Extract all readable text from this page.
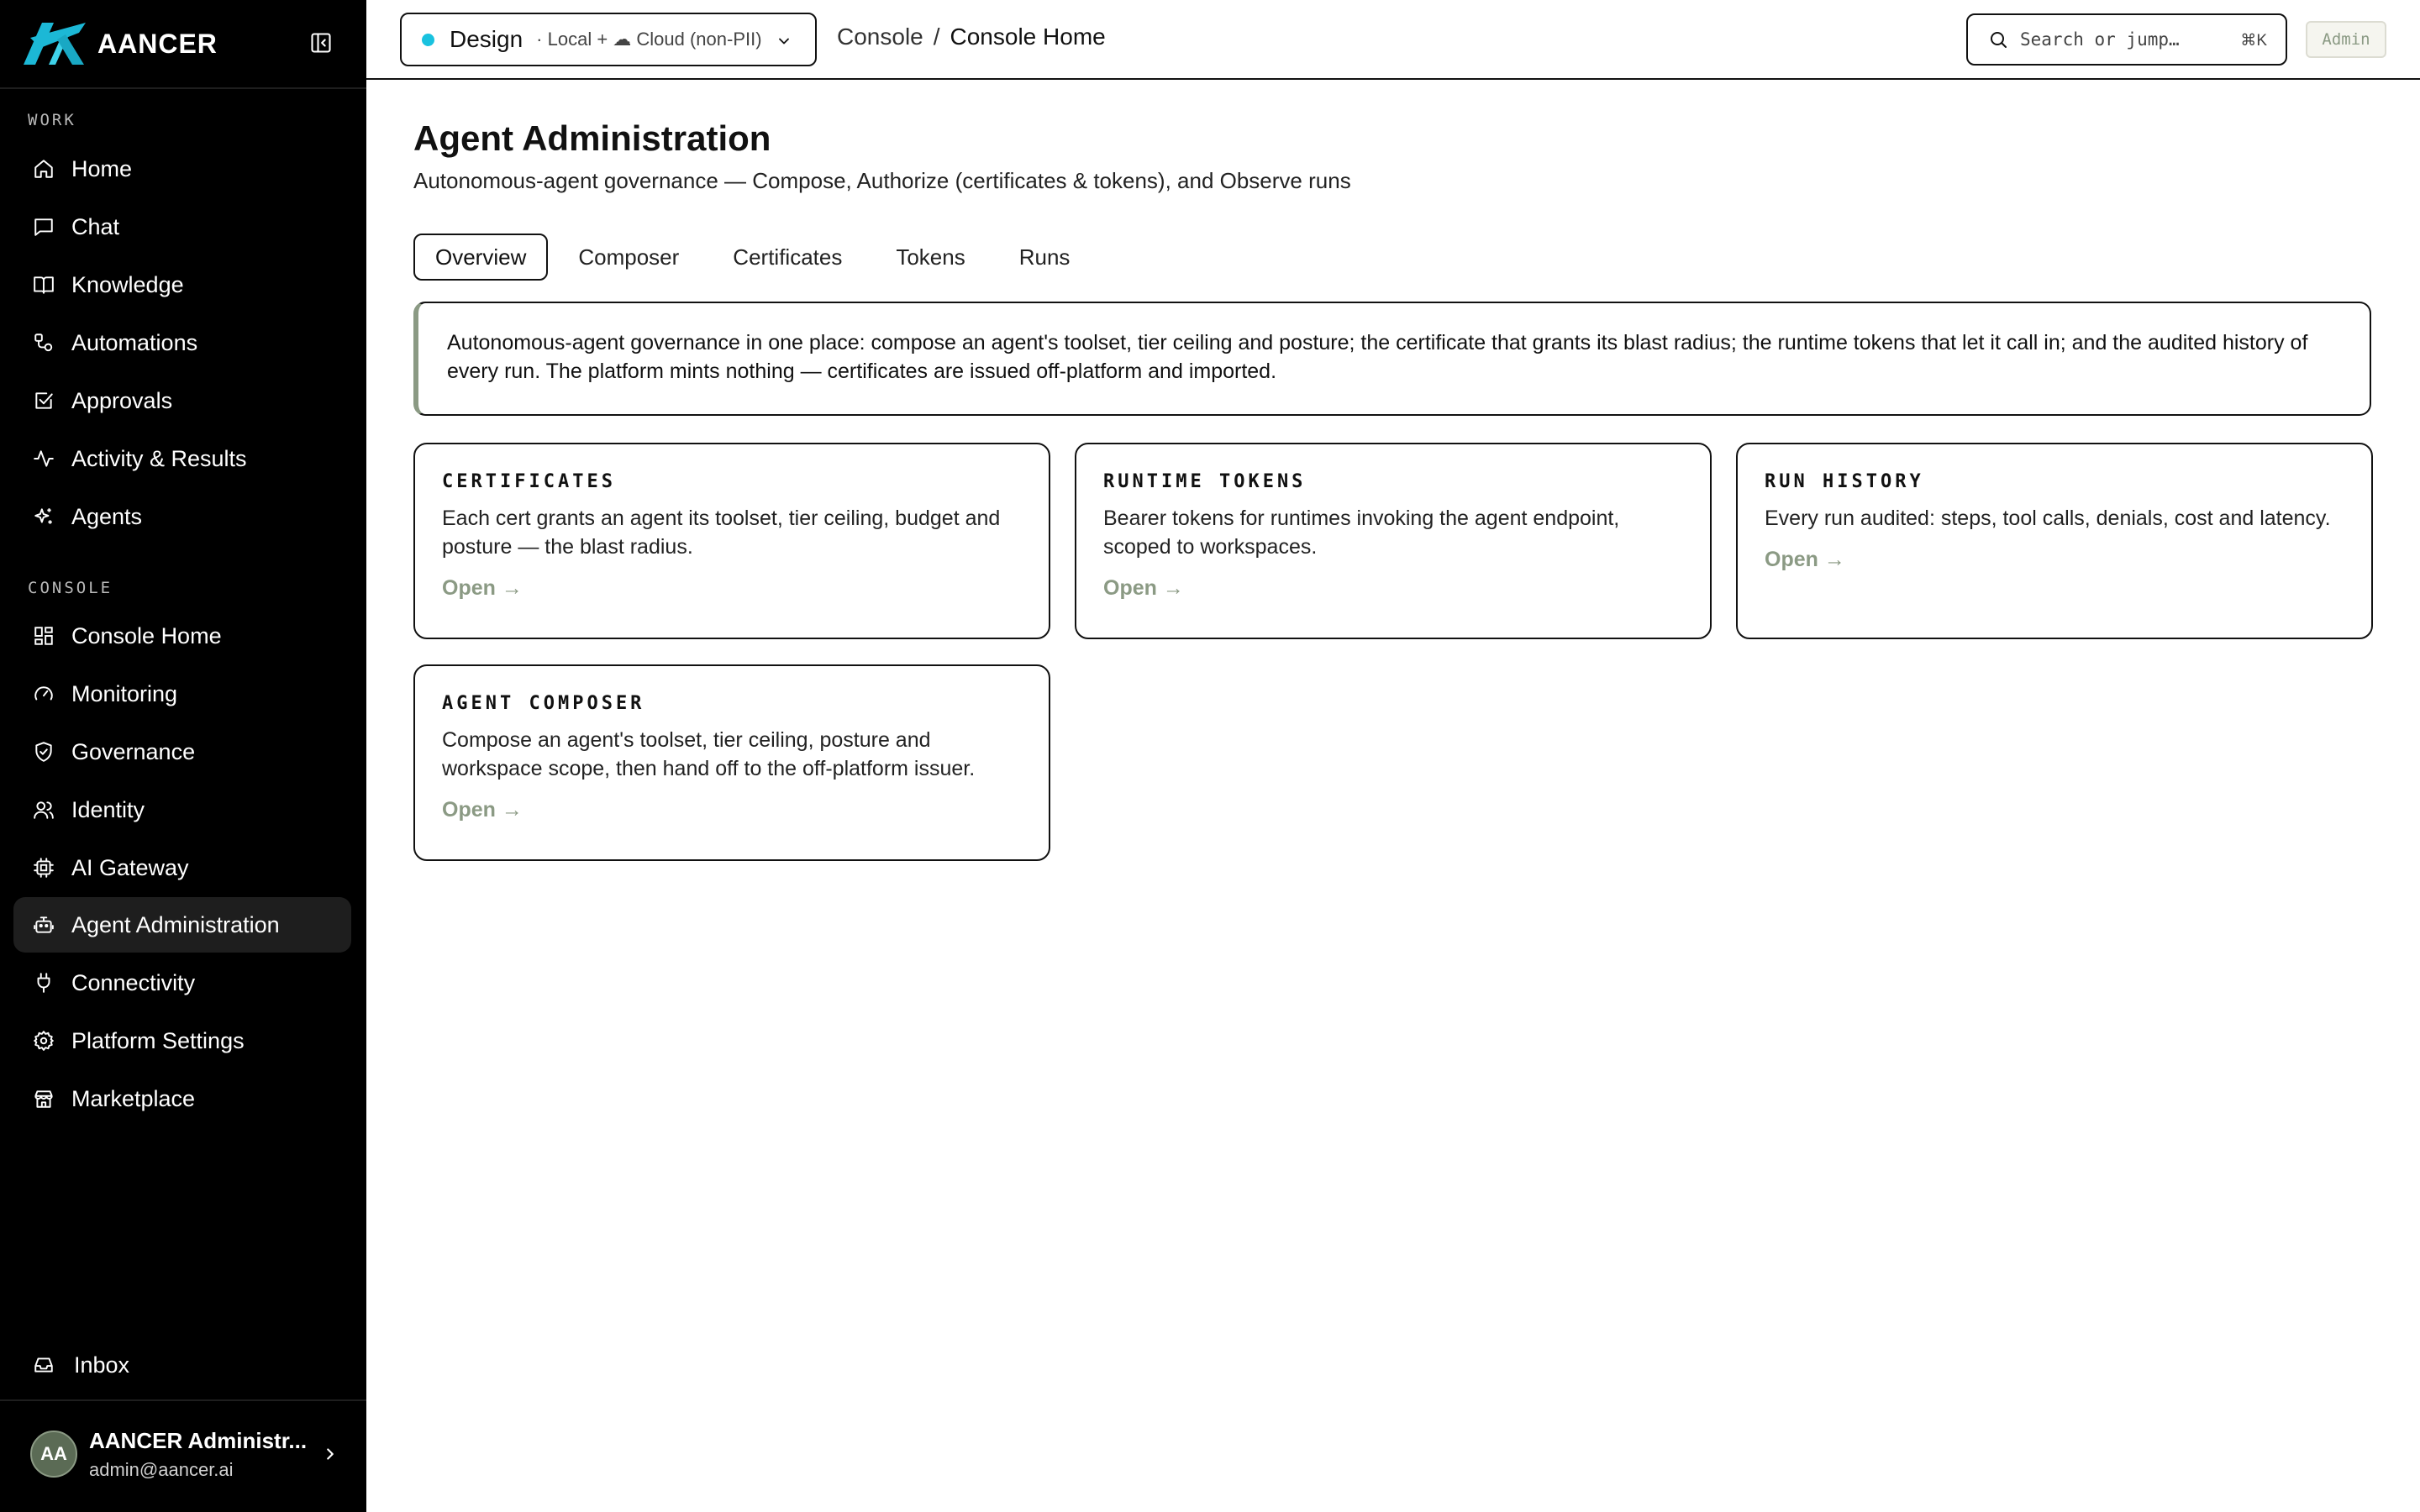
AANCER
WORK
Home
Chat
Knowledge
Automations
Approvals
Activity & Results
Agents
CONSOLE
Console Home
Monitoring
Governance
Identity
AI Gateway
Agent Administration
Connectivity
Platform Settings
Marketplace
Inbox
AA
AANCER Administr...
admin@aancer.ai
Design · Local + ☁ Cloud (non-PII)	Console / Console Home	Search or jump…	⌘K	Admin
Agent Administration

Autonomous-agent governance — Compose, Authorize (certificates & tokens), and Observe runs

Overview	Composer	Certificates	Tokens	Runs
Autonomous-agent governance in one place: compose an agent's toolset, tier ceiling and posture; the certificate that grants its blast radius; the runtime tokens that let it call in; and the audited history of every run. The platform mints nothing — certificates are issued off-platform and imported.
CERTIFICATES
Each cert grants an agent its toolset, tier ceiling, budget and posture — the blast radius.
Open →
RUNTIME TOKENS
Bearer tokens for runtimes invoking the agent endpoint, scoped to workspaces.
Open →
RUN HISTORY
Every run audited: steps, tool calls, denials, cost and latency.
Open →
AGENT COMPOSER
Compose an agent's toolset, tier ceiling, posture and workspace scope, then hand off to the off-platform issuer.
Open →
